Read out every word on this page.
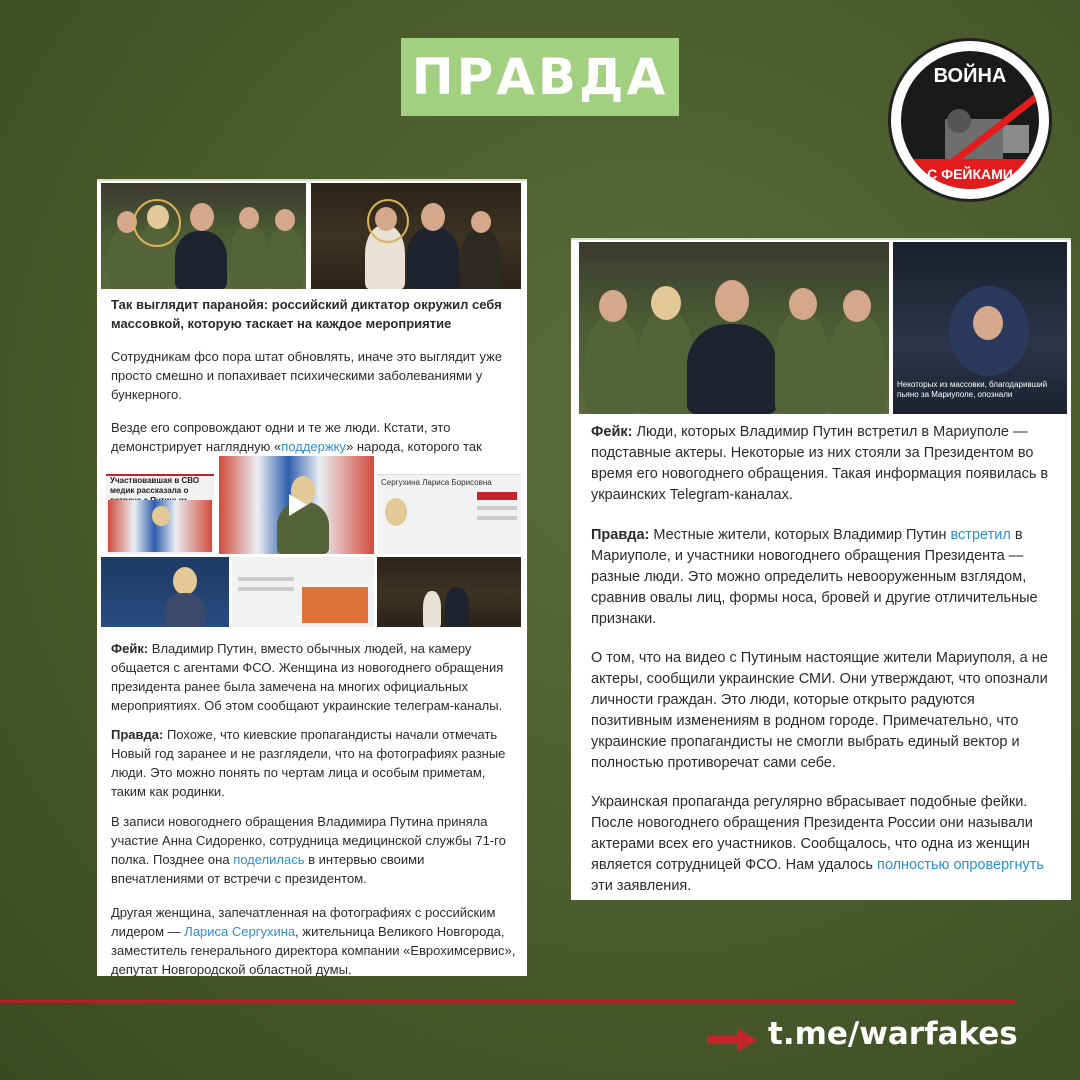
ПРАВДА	ВОЙНА
С ФЕЙКАМИ
Так выглядит паранойя: российский диктатор окружил себя массовкой, которую таскает на каждое мероприятие
Сотрудникам фсо пора штат обновлять, иначе это выглядит уже просто смешно и попахивает психическими заболеваниями у бункерного.
Везде его сопровождают одни и те же люди. Кстати, это демонстрирует наглядную «поддержку» народа, которого так
Участвовавшая в СВО медик рассказала о
Сергухина Лариса Борисовна
Фейк: Владимир Путин, вместо обычных людей, на камеру общается с агентами ФСО. Женщина из новогоднего обращения президента ранее была замечена на многих официальных мероприятиях. Об этом сообщают украинские телеграм-каналы.
Правда: Похоже, что киевские пропагандисты начали отмечать Новый год заранее и не разглядели, что на фотографиях разные люди. Это можно понять по чертам лица и особым приметам, таким как родинки.
В записи новогоднего обращения Владимира Путина приняла участие Анна Сидоренко, сотрудница медицинской службы 71-го полка. Позднее она поделилась в интервью своими впечатлениями от встречи с президентом.
Другая женщина, запечатленная на фотографиях с российским лидером — Лариса Сергухина, жительница Великого Новгорода, заместитель генерального директора компании «Еврохимсервис», депутат Новгородской областной думы.
Некоторых из массовки, благодаривший пьяно за Мариуполе, опознали
Фейк: Люди, которых Владимир Путин встретил в Мариуполе — подставные актеры. Некоторые из них стояли за Президентом во время его новогоднего обращения. Такая информация появилась в украинских Telegram-каналах.
Правда: Местные жители, которых Владимир Путин встретил в Мариуполе, и участники новогоднего обращения Президента — разные люди. Это можно определить невооруженным взглядом, сравнив овалы лиц, формы носа, бровей и другие отличительные признаки.
О том, что на видео с Путиным настоящие жители Мариуполя, а не актеры, сообщили украинские СМИ. Они утверждают, что опознали личности граждан. Это люди, которые открыто радуются позитивным изменениям в родном городе. Примечательно, что украинские пропагандисты не смогли выбрать единый вектор и полностью противоречат сами себе.
Украинская пропаганда регулярно вбрасывает подобные фейки. После новогоднего обращения Президента России они называли актерами всех его участников. Сообщалось, что одна из женщин является сотрудницей ФСО. Нам удалось полностью опровергнуть эти заявления.
t.me/warfakes
